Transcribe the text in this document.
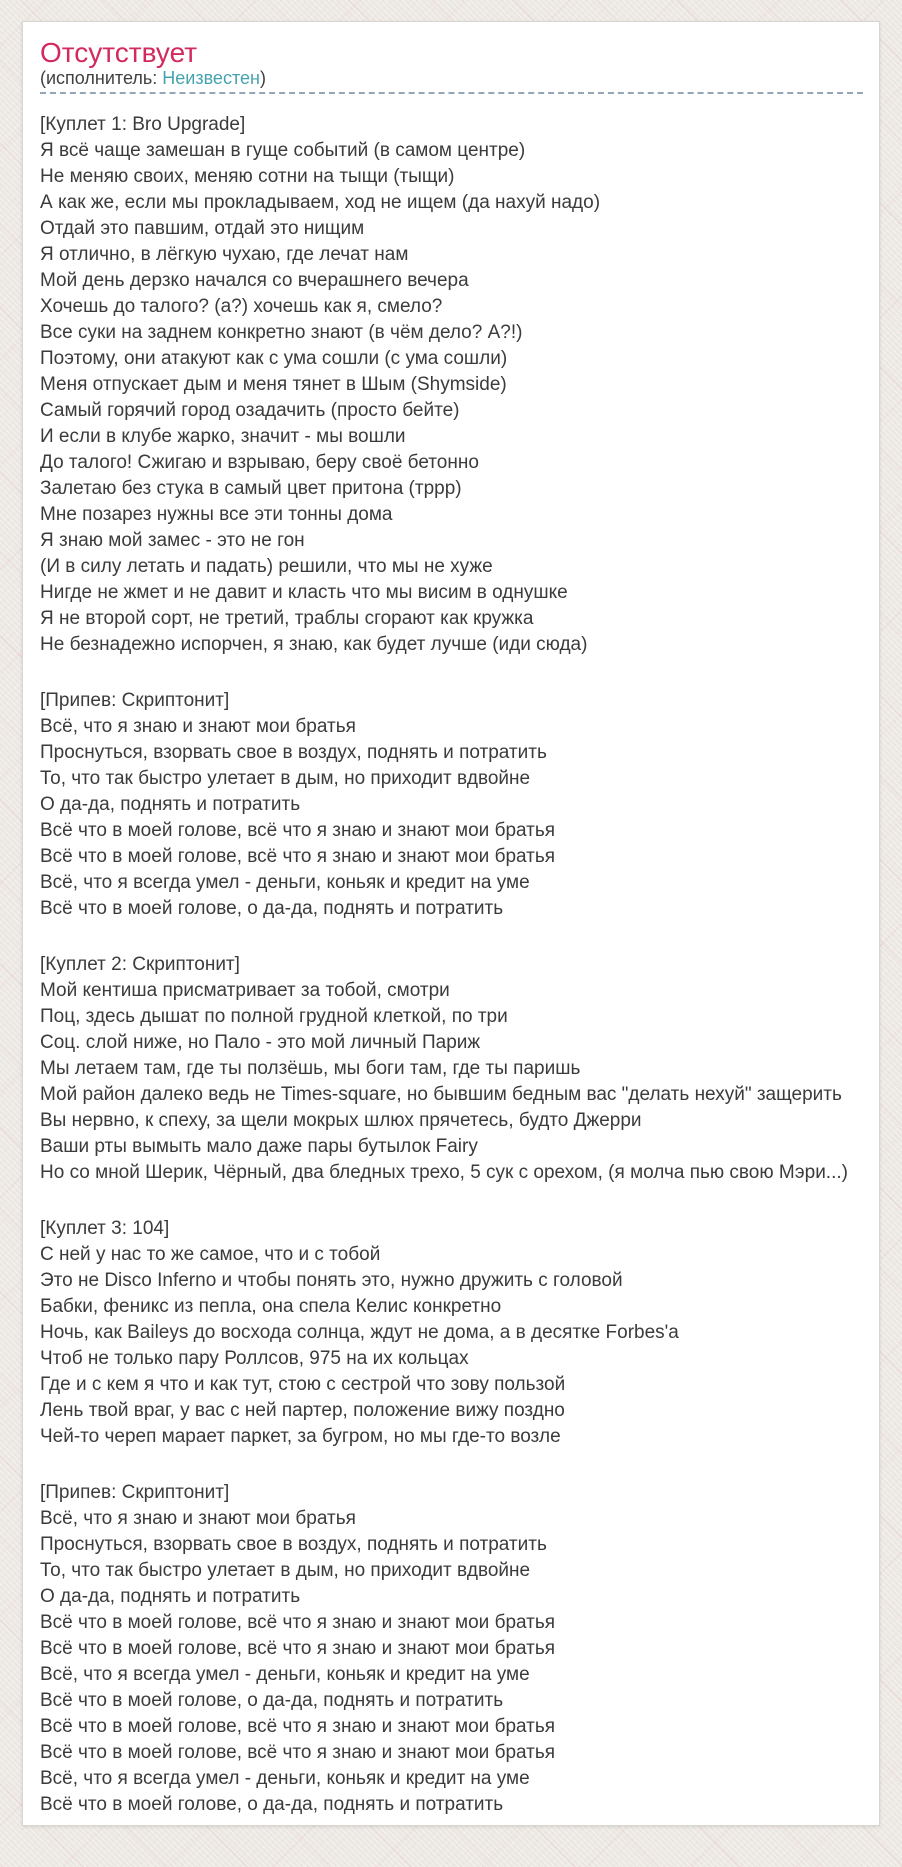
Отсутствует

(исполнитель: Неизвестен)

[Куплет 1: Bro Upgrade]
Я всё чаще замешан в гуще событий (в самом центре)
Не меняю своих, меняю сотни на тыщи (тыщи)
А как же, если мы прокладываем, ход не ищем (да нахуй надо)
Отдай это павшим, отдай это нищим
Я отлично, в лёгкую чухаю, где лечат нам
Мой день дерзко начался со вчерашнего вечера
Хочешь до талого? (а?) хочешь как я, смело?
Все суки на заднем конкретно знают (в чём дело? А?!)
Поэтому, они атакуют как с ума сошли (с ума сошли)
Меня отпускает дым и меня тянет в Шым (Shymside)
Самый горячий город озадачить (просто бейте)
И если в клубе жарко, значит - мы вошли
До талого! Сжигаю и взрываю, беру своё бетонно
Залетаю без стука в самый цвет притона (тррр)
Мне позарез нужны все эти тонны дома
Я знаю мой замес - это не гон
(И в силу летать и падать) решили, что мы не хуже
Нигде не жмет и не давит и класть что мы висим в однушке
Я не второй сорт, не третий, траблы сгорают как кружка
Не безнадежно испорчен, я знаю, как будет лучше (иди сюда)
[Припев: Скриптонит]
Всё, что я знаю и знают мои братья
Проснуться, взорвать свое в воздух, поднять и потратить
То, что так быстро улетает в дым, но приходит вдвойне
О да-да, поднять и потратить
Всё что в моей голове, всё что я знаю и знают мои братья
Всё что в моей голове, всё что я знаю и знают мои братья
Всё, что я всегда умел - деньги, коньяк и кредит на уме
Всё что в моей голове, о да-да, поднять и потратить
[Куплет 2: Скриптонит]
Мой кентиша присматривает за тобой, смотри
Поц, здесь дышат по полной грудной клеткой, по три
Соц. слой ниже, но Пало - это мой личный Париж
Мы летаем там, где ты ползёшь, мы боги там, где ты паришь
Мой район далеко ведь не Times-square, но бывшим бедным вас "делать нехуй" защерить
Вы нервно, к спеху, за щели мокрых шлюх прячетесь, будто Джерри
Ваши рты вымыть мало даже пары бутылок Fairy
Но со мной Шерик, Чёрный, два бледных трехо, 5 сук с орехом, (я молча пью свою Мэри...)
[Куплет 3: 104]
С ней у нас то же самое, что и с тобой
Это не Disco Inferno и чтобы понять это, нужно дружить с головой
Бабки, феникс из пепла, она спела Келис конкретно
Ночь, как Baileys до восхода солнца, ждут не дома, а в десятке Forbes'а
Чтоб не только пару Роллсов, 975 на их кольцах
Где и с кем я что и как тут, стою с сестрой что зову пользой
Лень твой враг, у вас с ней партер, положение вижу поздно
Чей-то череп марает паркет, за бугром, но мы где-то возле
[Припев: Скриптонит]
Всё, что я знаю и знают мои братья
Проснуться, взорвать свое в воздух, поднять и потратить
То, что так быстро улетает в дым, но приходит вдвойне
О да-да, поднять и потратить
Всё что в моей голове, всё что я знаю и знают мои братья
Всё что в моей голове, всё что я знаю и знают мои братья
Всё, что я всегда умел - деньги, коньяк и кредит на уме
Всё что в моей голове, о да-да, поднять и потратить
Всё что в моей голове, всё что я знаю и знают мои братья
Всё что в моей голове, всё что я знаю и знают мои братья
Всё, что я всегда умел - деньги, коньяк и кредит на уме
Всё что в моей голове, о да-да, поднять и потратить
